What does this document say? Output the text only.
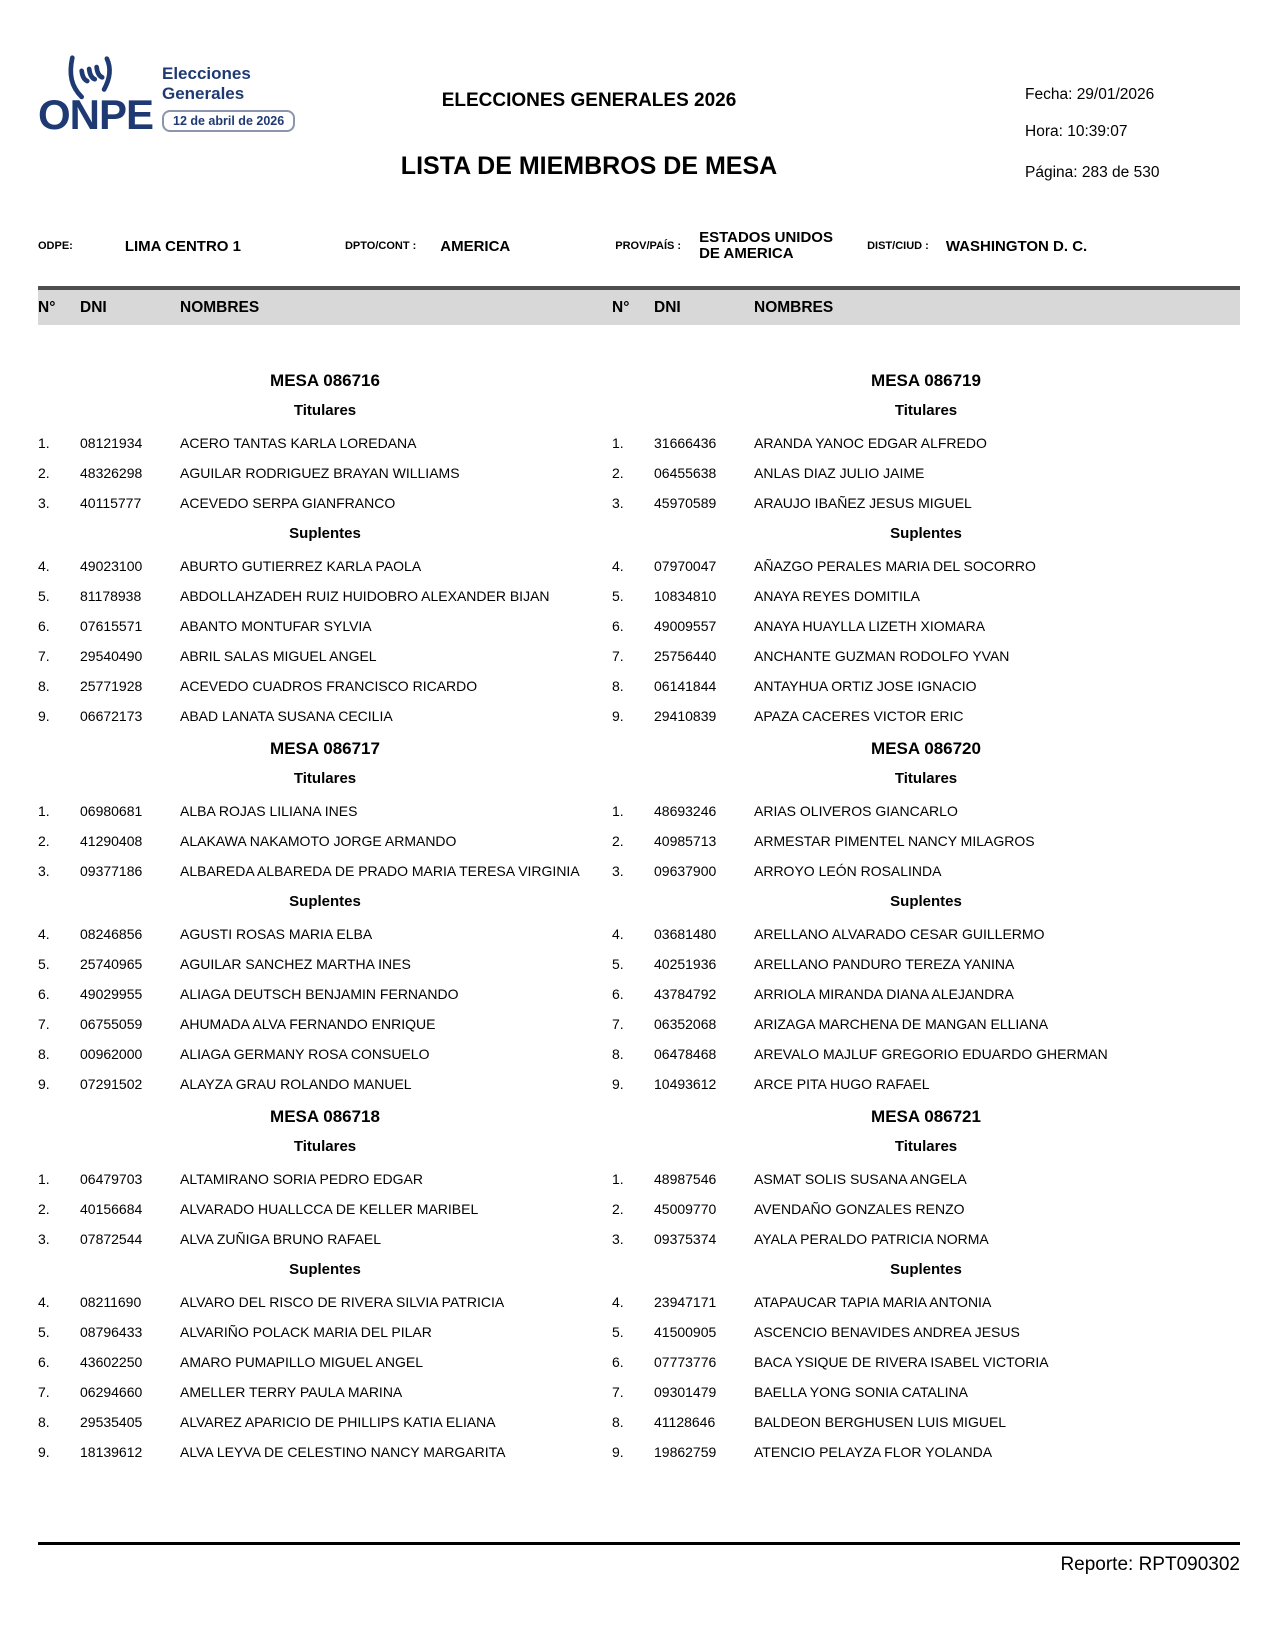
ONPE
Elecciones
Generales
12 de abril de 2026
ELECCIONES GENERALES 2026
LISTA DE MIEMBROS DE MESA
Fecha: 29/01/2026
Hora: 10:39:07
Página: 283 de 530
ODPE:	LIMA CENTRO 1	DPTO/CONT : AMERICA	PROV/PAÍS : ESTADOS UNIDOS DE AMERICA	DIST/CIUD : WASHINGTON D. C.
N°	DNI	NOMBRES	N°	DNI	NOMBRES
MESA 086716
Titulares
1.	08121934	ACERO TANTAS KARLA LOREDANA
2.	48326298	AGUILAR RODRIGUEZ BRAYAN WILLIAMS
3.	40115777	ACEVEDO SERPA GIANFRANCO
Suplentes
4.	49023100	ABURTO GUTIERREZ KARLA PAOLA
5.	81178938	ABDOLLAHZADEH RUIZ HUIDOBRO ALEXANDER BIJAN
6.	07615571	ABANTO MONTUFAR SYLVIA
7.	29540490	ABRIL SALAS MIGUEL ANGEL
8.	25771928	ACEVEDO CUADROS FRANCISCO RICARDO
9.	06672173	ABAD LANATA SUSANA CECILIA
MESA 086717
Titulares
1.	06980681	ALBA ROJAS LILIANA INES
2.	41290408	ALAKAWA NAKAMOTO JORGE ARMANDO
3.	09377186	ALBAREDA ALBAREDA DE PRADO MARIA TERESA VIRGINIA
Suplentes
4.	08246856	AGUSTI ROSAS MARIA ELBA
5.	25740965	AGUILAR SANCHEZ MARTHA INES
6.	49029955	ALIAGA DEUTSCH BENJAMIN FERNANDO
7.	06755059	AHUMADA ALVA FERNANDO ENRIQUE
8.	00962000	ALIAGA GERMANY ROSA CONSUELO
9.	07291502	ALAYZA GRAU ROLANDO MANUEL
MESA 086718
Titulares
1.	06479703	ALTAMIRANO SORIA PEDRO EDGAR
2.	40156684	ALVARADO HUALLCCA DE KELLER MARIBEL
3.	07872544	ALVA ZUÑIGA BRUNO RAFAEL
Suplentes
4.	08211690	ALVARO DEL RISCO DE RIVERA SILVIA PATRICIA
5.	08796433	ALVARIÑO POLACK MARIA DEL PILAR
6.	43602250	AMARO PUMAPILLO MIGUEL ANGEL
7.	06294660	AMELLER TERRY PAULA MARINA
8.	29535405	ALVAREZ APARICIO DE PHILLIPS KATIA ELIANA
9.	18139612	ALVA LEYVA DE CELESTINO NANCY MARGARITA
MESA 086719
Titulares
1.	31666436	ARANDA YANOC EDGAR ALFREDO
2.	06455638	ANLAS DIAZ JULIO JAIME
3.	45970589	ARAUJO IBAÑEZ JESUS MIGUEL
Suplentes
4.	07970047	AÑAZGO PERALES MARIA DEL SOCORRO
5.	10834810	ANAYA REYES DOMITILA
6.	49009557	ANAYA HUAYLLA LIZETH XIOMARA
7.	25756440	ANCHANTE GUZMAN RODOLFO YVAN
8.	06141844	ANTAYHUA ORTIZ JOSE IGNACIO
9.	29410839	APAZA CACERES VICTOR ERIC
MESA 086720
Titulares
1.	48693246	ARIAS OLIVEROS GIANCARLO
2.	40985713	ARMESTAR PIMENTEL NANCY MILAGROS
3.	09637900	ARROYO LEÓN ROSALINDA
Suplentes
4.	03681480	ARELLANO ALVARADO CESAR GUILLERMO
5.	40251936	ARELLANO PANDURO TEREZA YANINA
6.	43784792	ARRIOLA MIRANDA DIANA ALEJANDRA
7.	06352068	ARIZAGA MARCHENA DE MANGAN ELLIANA
8.	06478468	AREVALO MAJLUF GREGORIO EDUARDO GHERMAN
9.	10493612	ARCE PITA HUGO RAFAEL
MESA 086721
Titulares
1.	48987546	ASMAT SOLIS SUSANA ANGELA
2.	45009770	AVENDAÑO GONZALES RENZO
3.	09375374	AYALA PERALDO PATRICIA NORMA
Suplentes
4.	23947171	ATAPAUCAR TAPIA MARIA ANTONIA
5.	41500905	ASCENCIO BENAVIDES ANDREA JESUS
6.	07773776	BACA YSIQUE DE RIVERA ISABEL VICTORIA
7.	09301479	BAELLA YONG SONIA CATALINA
8.	41128646	BALDEON BERGHUSEN LUIS MIGUEL
9.	19862759	ATENCIO PELAYZA FLOR YOLANDA
Reporte: RPT090302
